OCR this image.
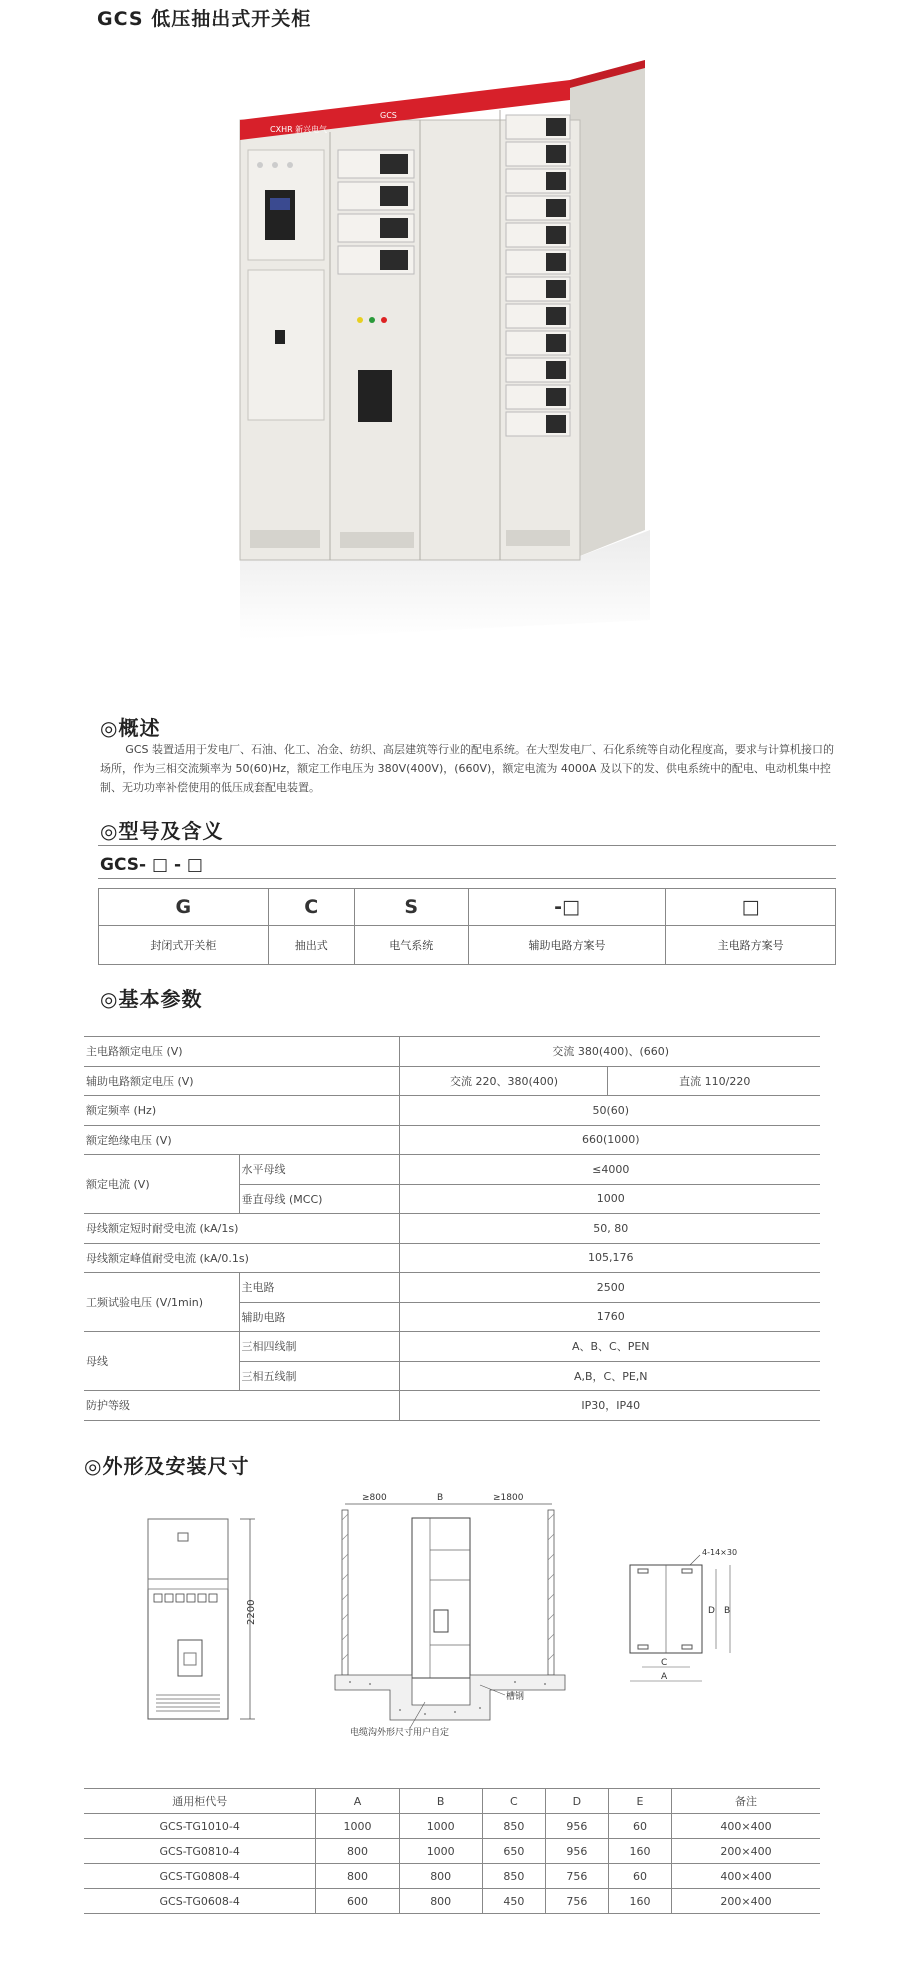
GCS 低压抽出式开关柜
CXHR 新兴电气
GCS
◎概述
GCS 装置适用于发电厂、石油、化工、冶金、纺织、高层建筑等行业的配电系统。在大型发电厂、石化系统等自动化程度高，要求与计算机接口的场所，作为三相交流频率为 50(60)Hz，额定工作电压为 380V(400V)，(660V)，额定电流为 4000A 及以下的发、供电系统中的配电、电动机集中控制、无功功率补偿使用的低压成套配电装置。
◎型号及含义
GCS- □ - □
G	C	S	-□	□
封闭式开关柜	抽出式	电气系统	辅助电路方案号	主电路方案号
◎基本参数
主电路额定电压 (V)		交流 380(400)、(660)	
辅助电路额定电压 (V)		交流 220、380(400)	直流 110/220
额定频率 (Hz)		50(60)	
额定绝缘电压 (V)		660(1000)	
额定电流 (V)	水平母线	≤4000	
	垂直母线 (MCC)	1000	
母线额定短时耐受电流 (kA/1s)		50, 80	
母线额定峰值耐受电流 (kA/0.1s)		105,176	
工频试验电压 (V/1min)	主电路	2500	
	辅助电路	1760	
母线	三相四线制	A、B、C、PEN	
	三相五线制	A,B，C、PE,N	
防护等级		IP30，IP40	
◎外形及安装尺寸
2200
≥800	B	≥1800
槽钢
电缆沟外形尺寸用户自定
4-14×30
D B
C
A
通用柜代号	A	B	C	D	E	备注
GCS-TG1010-4	1000	1000	850	956	60	400×400
GCS-TG0810-4	800	1000	650	956	160	200×400
GCS-TG0808-4	800	800	850	756	60	400×400
GCS-TG0608-4	600	800	450	756	160	200×400
